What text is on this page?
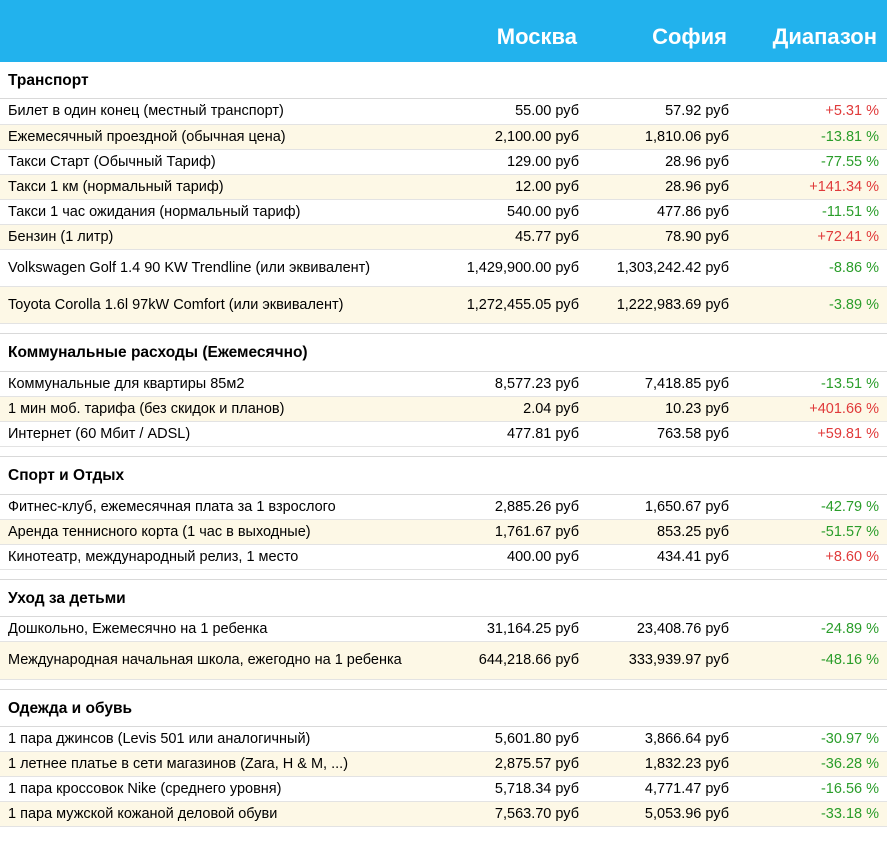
	Москва	София	Диапазон
Транспорт			
Билет в один конец (местный транспорт)	55.00 руб	57.92 руб	+5.31 %
Ежемесячный проездной (обычная цена)	2,100.00 руб	1,810.06 руб	-13.81 %
Такси Старт (Обычный Тариф)	129.00 руб	28.96 руб	-77.55 %
Такси 1 км (нормальный тариф)	12.00 руб	28.96 руб	+141.34 %
Такси 1 час ожидания (нормальный тариф)	540.00 руб	477.86 руб	-11.51 %
Бензин (1 литр)	45.77 руб	78.90 руб	+72.41 %
Volkswagen Golf 1.4 90 KW Trendline (или эквивалент)	1,429,900.00 руб	1,303,242.42 руб	-8.86 %
Toyota Corolla 1.6l 97kW Comfort (или эквивалент)	1,272,455.05 руб	1,222,983.69 руб	-3.89 %

Коммунальные расходы (Ежемесячно)			
Коммунальные для квартиры 85м2	8,577.23 руб	7,418.85 руб	-13.51 %
1 мин моб. тарифа (без скидок и планов)	2.04 руб	10.23 руб	+401.66 %
Интернет (60 Мбит / ADSL)	477.81 руб	763.58 руб	+59.81 %

Спорт и Отдых			
Фитнес-клуб, ежемесячная плата за 1 взрослого	2,885.26 руб	1,650.67 руб	-42.79 %
Аренда теннисного корта (1 час в выходные)	1,761.67 руб	853.25 руб	-51.57 %
Кинотеатр, международный релиз, 1 место	400.00 руб	434.41 руб	+8.60 %

Уход за детьми			
Дошкольно, Ежемесячно на 1 ребенка	31,164.25 руб	23,408.76 руб	-24.89 %
Международная начальная школа, ежегодно на 1 ребенка	644,218.66 руб	333,939.97 руб	-48.16 %

Одежда и обувь			
1 пара джинсов (Levis 501 или аналогичный)	5,601.80 руб	3,866.64 руб	-30.97 %
1 летнее платье в сети магазинов (Zara, H & M, ...)	2,875.57 руб	1,832.23 руб	-36.28 %
1 пара кроссовок Nike (среднего уровня)	5,718.34 руб	4,771.47 руб	-16.56 %
1 пара мужской кожаной деловой обуви	7,563.70 руб	5,053.96 руб	-33.18 %
